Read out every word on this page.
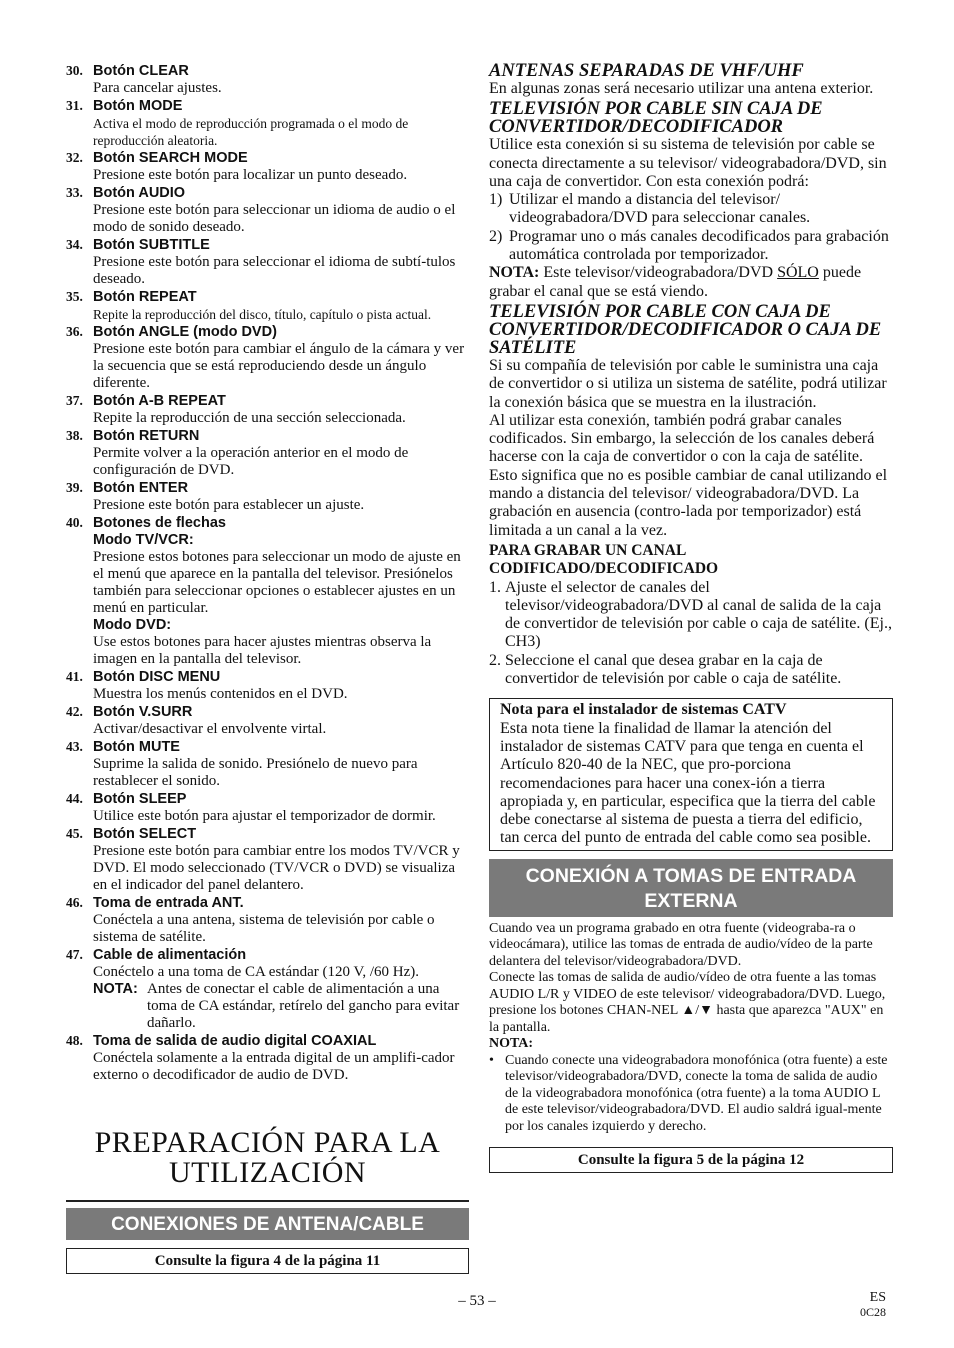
30. Botón CLEAR
Para cancelar ajustes.
31. Botón MODE
Activa el modo de reproducción programada o el modo de reproducción aleatoria.
32. Botón SEARCH MODE
Presione este botón para localizar un punto deseado.
33. Botón AUDIO
Presione este botón para seleccionar un idioma de audio o el modo de sonido deseado.
34. Botón SUBTITLE
Presione este botón para seleccionar el idioma de subtí-tulos deseado.
35. Botón REPEAT
Repite la reproducción del disco, título, capítulo o pista actual.
36. Botón ANGLE (modo DVD)
Presione este botón para cambiar el ángulo de la cámara y ver la secuencia que se está reproduciendo desde un ángulo diferente.
37. Botón A-B REPEAT
Repite la reproducción de una sección seleccionada.
38. Botón RETURN
Permite volver a la operación anterior en el modo de configuración de DVD.
39. Botón ENTER
Presione este botón para establecer un ajuste.
40. Botones de flechas
Modo TV/VCR:
Presione estos botones para seleccionar un modo de ajuste en el menú que aparece en la pantalla del televisor. Presiónelos también para seleccionar opciones o establecer ajustes en un menú en particular.
Modo DVD:
Use estos botones para hacer ajustes mientras observa la imagen en la pantalla del televisor.
41. Botón DISC MENU
Muestra los menús contenidos en el DVD.
42. Botón V.SURR
Activar/desactivar el envolvente virtal.
43. Botón MUTE
Suprime la salida de sonido. Presiónelo de nuevo para restablecer el sonido.
44. Botón SLEEP
Utilice este botón para ajustar el temporizador de dormir.
45. Botón SELECT
Presione este botón para cambiar entre los modos TV/VCR y DVD. El modo seleccionado (TV/VCR o DVD) se visualiza en el indicador del panel delantero.
46. Toma de entrada ANT.
Conéctela a una antena, sistema de televisión por cable o sistema de satélite.
47. Cable de alimentación
Conéctelo a una toma de CA estándar (120 V, /60 Hz).
NOTA: Antes de conectar el cable de alimentación a una toma de CA estándar, retírelo del gancho para evitar dañarlo.
48. Toma de salida de audio digital COAXIAL
Conéctela solamente a la entrada digital de un amplifi-cador externo o decodificador de audio de DVD.
PREPARACIÓN PARA LA
UTILIZACIÓN
CONEXIONES DE ANTENA/CABLE
Consulte la figura 4 de la página 11
ANTENAS SEPARADAS DE VHF/UHF
En algunas zonas será necesario utilizar una antena exterior.
TELEVISIÓN POR CABLE SIN CAJA DE CONVERTIDOR/DECODIFICADOR
Utilice esta conexión si su sistema de televisión por cable se conecta directamente a su televisor/ videograbadora/DVD, sin una caja de convertidor. Con esta conexión podrá:
1) Utilizar el mando a distancia del televisor/ videograbadora/DVD para seleccionar canales.
2) Programar uno o más canales decodificados para grabación automática controlada por temporizador.
NOTA: Este televisor/videograbadora/DVD SÓLO puede grabar el canal que se está viendo.
TELEVISIÓN POR CABLE CON CAJA DE CONVERTIDOR/DECODIFICADOR O CAJA DE SATÉLITE
Si su compañía de televisión por cable le suministra una caja de convertidor o si utiliza un sistema de satélite, podrá utilizar la conexión básica que se muestra en la ilustración.
Al utilizar esta conexión, también podrá grabar canales codificados. Sin embargo, la selección de los canales deberá hacerse con la caja de convertidor o con la caja de satélite. Esto significa que no es posible cambiar de canal utilizando el mando a distancia del televisor/ videograbadora/DVD. La grabación en ausencia (contro-lada por temporizador) está limitada a un canal a la vez.
PARA GRABAR UN CANAL CODIFICADO/DECODIFICADO
1. Ajuste el selector de canales del televisor/videograbadora/DVD al canal de salida de la caja de convertidor de televisión por cable o caja de satélite. (Ej., CH3)
2. Seleccione el canal que desea grabar en la caja de convertidor de televisión por cable o caja de satélite.
Nota para el instalador de sistemas CATV
Esta nota tiene la finalidad de llamar la atención del instalador de sistemas CATV para que tenga en cuenta el Artículo 820-40 de la NEC, que pro-porciona recomendaciones para hacer una conex-ión a tierra apropiada y, en particular, especifica que la tierra del cable debe conectarse al sistema de puesta a tierra del edificio, tan cerca del punto de entrada del cable como sea posible.
CONEXIÓN A TOMAS DE ENTRADA
EXTERNA
Cuando vea un programa grabado en otra fuente (videograba-ra o videocámara), utilice las tomas de entrada de audio/vídeo de la parte delantera del televisor/videograbadora/DVD.
Conecte las tomas de salida de audio/vídeo de otra fuente a las tomas AUDIO L/R y VIDEO de este televisor/ videograbadora/DVD. Luego, presione los botones CHAN-NEL ▲/▼ hasta que aparezca "AUX" en la pantalla.
NOTA:
• Cuando conecte una videograbadora monofónica (otra fuente) a este televisor/videograbadora/DVD, conecte la toma de salida de audio de la videograbadora monofónica (otra fuente) a la toma AUDIO L de este televisor/videograbadora/DVD. El audio saldrá igual-mente por los canales izquierdo y derecho.
Consulte la figura 5 de la página 12
– 53 –	ES
0C28
